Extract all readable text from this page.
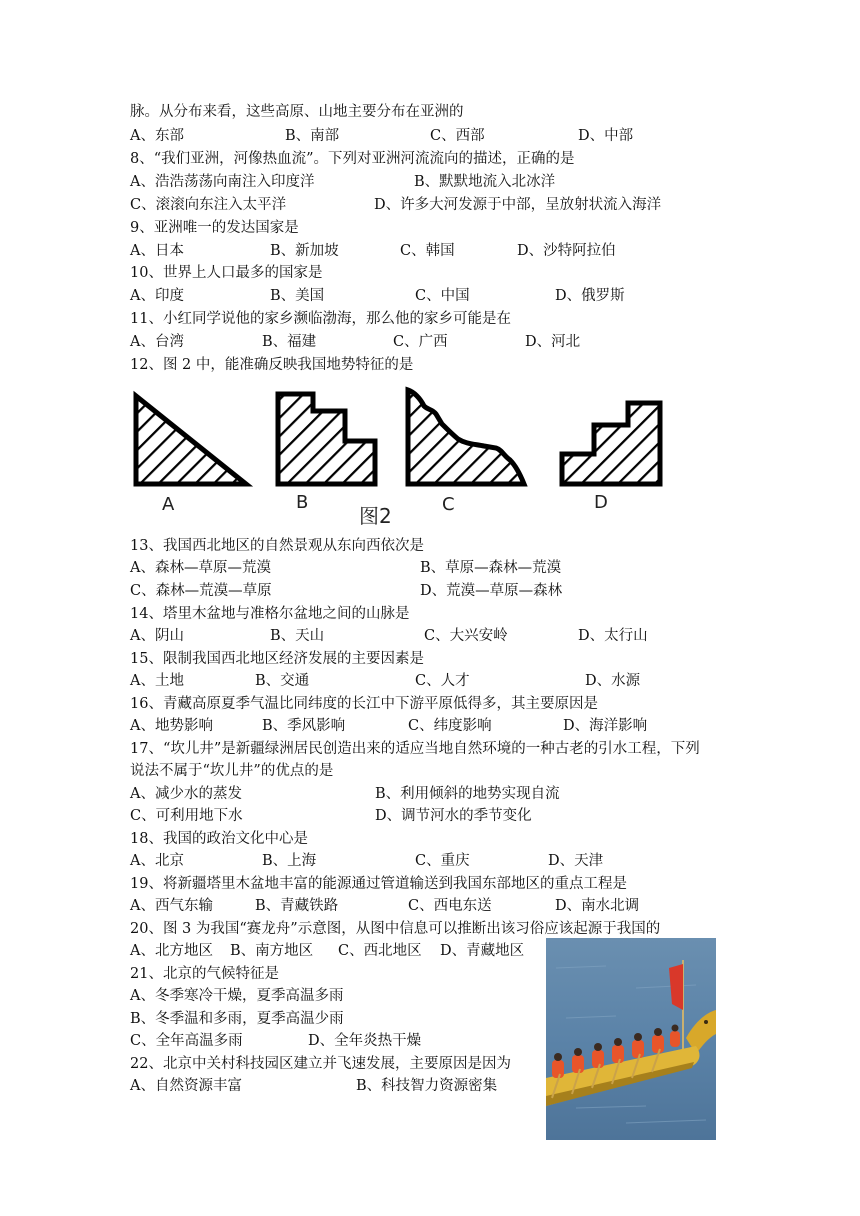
脉。从分布来看，这些高原、山地主要分布在亚洲的
A、东部	B、南部	C、西部	D、中部
8、“我们亚洲，河像热血流”。下列对亚洲河流流向的描述，正确的是
A、浩浩荡荡向南注入印度洋	B、默默地流入北冰洋
C、滚滚向东注入太平洋	D、许多大河发源于中部，呈放射状流入海洋
9、亚洲唯一的发达国家是
A、日本	B、新加坡	C、韩国	D、沙特阿拉伯
10、世界上人口最多的国家是
A、印度	B、美国	C、中国	D、俄罗斯
11、小红同学说他的家乡濒临渤海，那么他的家乡可能是在
A、台湾	B、福建	C、广西	D、河北
12、图 2 中，能准确反映我国地势特征的是
A	B
图2	C	D
13、我国西北地区的自然景观从东向西依次是
A、森林—草原—荒漠	B、草原—森林—荒漠
C、森林—荒漠—草原	D、荒漠—草原—森林
14、塔里木盆地与准格尔盆地之间的山脉是
A、阴山	B、天山	C、大兴安岭	D、太行山
15、限制我国西北地区经济发展的主要因素是
A、土地	B、交通	C、人才	D、水源
16、青藏高原夏季气温比同纬度的长江中下游平原低得多，其主要原因是
A、地势影响	B、季风影响	C、纬度影响	D、海洋影响
17、“坎儿井”是新疆绿洲居民创造出来的适应当地自然环境的一种古老的引水工程，下列
说法不属于“坎儿井”的优点的是
A、减少水的蒸发	B、利用倾斜的地势实现自流
C、可利用地下水	D、调节河水的季节变化
18、我国的政治文化中心是
A、北京	B、上海	C、重庆	D、天津
19、将新疆塔里木盆地丰富的能源通过管道输送到我国东部地区的重点工程是
A、西气东输	B、青藏铁路	C、西电东送	D、南水北调
20、图 3 为我国“赛龙舟”示意图，从图中信息可以推断出该习俗应该起源于我国的
A、北方地区 B、南方地区 C、西北地区 D、青藏地区
21、北京的气候特征是
A、冬季寒冷干燥，夏季高温多雨
B、冬季温和多雨，夏季高温少雨
C、全年高温多雨	D、全年炎热干燥
22、北京中关村科技园区建立并飞速发展，主要原因是因为
A、自然资源丰富	B、科技智力资源密集
